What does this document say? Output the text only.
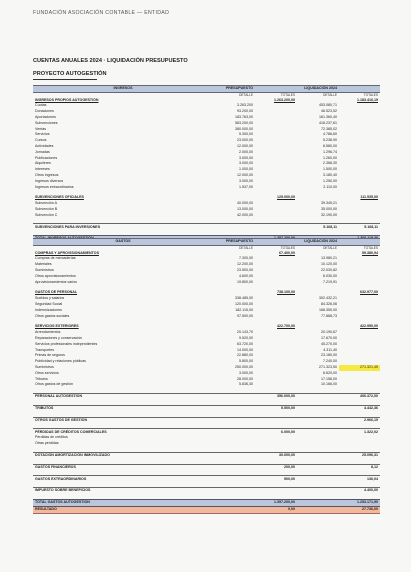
FUNDACIÓN ASOCIACIÓN CONTABLE — ENTIDAD
CUENTAS ANUALES 2024 · LIQUIDACIÓN PRESUPUESTO
PROYECTO AUTOGESTIÓN
INGRESOS	PRESUPUESTO		LIQUIDACIÓN 2024	
	DETALLE	TOTALES	DETALLE	TOTALES
INGRESOS PROPIOS AUTOGESTIÓN		1.263.200,00		1.183.416,19
Cuotas	3.263.200		453.080,71	
Donaciones	93.200,00		46.523,52	
Aportaciones	183.763,00		161.360,40	
Subvenciones	583.200,00		418.237,61	
Ventas	380.000,00		72.385,02	
Servicios	5.300,00		4.786,60	
Cursos	23.000,00		5.238,90	
Actividades	12.000,00		8.580,00	
Jornadas	2.000,00		1.296,74	
Publicaciones	3.000,00		1.260,00	
Alquileres	3.000,00		2.368,30	
Intereses	1.000,00		1.500,00	
Otros ingresos	12.000,00		3.180,40	
Ingresos diversos	3.000,00		1.250,00	
Ingresos extraordinarios	1.537,00		2.110,00	

SUBVENCIONES OFICIALES		125.000,00		111.535,00
Subvención A	40.000,00		39.345,21	
Subvención B	13.000,00		35.000,00	
Subvención C	42.000,00		32.190,00	

SUBVENCIONES PARA INVERSIONES			5.168,11	5.168,11

GASTOS	PRESUPUESTO		LIQUIDACIÓN 2024	
	DETALLE	TOTALES	DETALLE	TOTALES
COMPRAS Y APROVISIONAMIENTOS		67.400,00		59.380,94
Compras de mercaderías	7.300,00		13.980,21	
Materiales	12.200,00		10.120,00	
Suministros	23.500,00		22.030,82	
Otros aprovisionamientos	4.600,00		6.030,00	
Aprovisionamientos varios	19.800,00		7.219,91	

GASTOS DE PERSONAL		738.100,00		632.977,00
Sueldos y salarios	338.485,00		302.432,21	
Seguridad Social	120.000,00		84.326,06	
Indemnizaciones	182.115,00		168.350,00	
Otros gastos sociales	97.500,00		77.868,73	

SERVICIOS EXTERIORES		422.700,00		422.950,00
Arrendamientos	20.143,70		20.190,67	
Reparaciones y conservación	9.520,00		17.670,00	
Servicios profesionales independientes	63.720,00		45.270,00	
Transportes	14.000,00		4.311,40	
Primas de seguros	22.880,00		23.180,00	
Publicidad y relaciones públicas	5.800,00		7.240,00	
Suministros	250.000,00		271.323,50	271.321,45
Otros servicios	3.000,00		6.620,00	
Tributos	28.000,00		17.158,00	
Otros gastos de gestión	5.636,30		10.166,00	

PERSONAL AUTOGESTIÓN		356.000,00		406.372,00

TRIBUTOS		5.500,00		4.442,36

OTROS GASTOS DE GESTIÓN				2.966,19

PÉRDIDAS DE CRÉDITOS COMERCIALES		6.000,00		1.322,02
Pérdidas de créditos				
Otras pérdidas				

DOTACIÓN AMORTIZACIÓN INMOVILIZADO		30.000,00		25.096,31

GASTOS FINANCIEROS		200,00		8,12

GASTOS EXTRAORDINARIOS		500,00		136,04

IMPUESTO SOBRE BENEFICIOS				4.400,00

TOTAL GASTOS AUTOGESTIÓN		1.397.200,00		1.253.171,90
RESULTADO		0,00		27.736,00
